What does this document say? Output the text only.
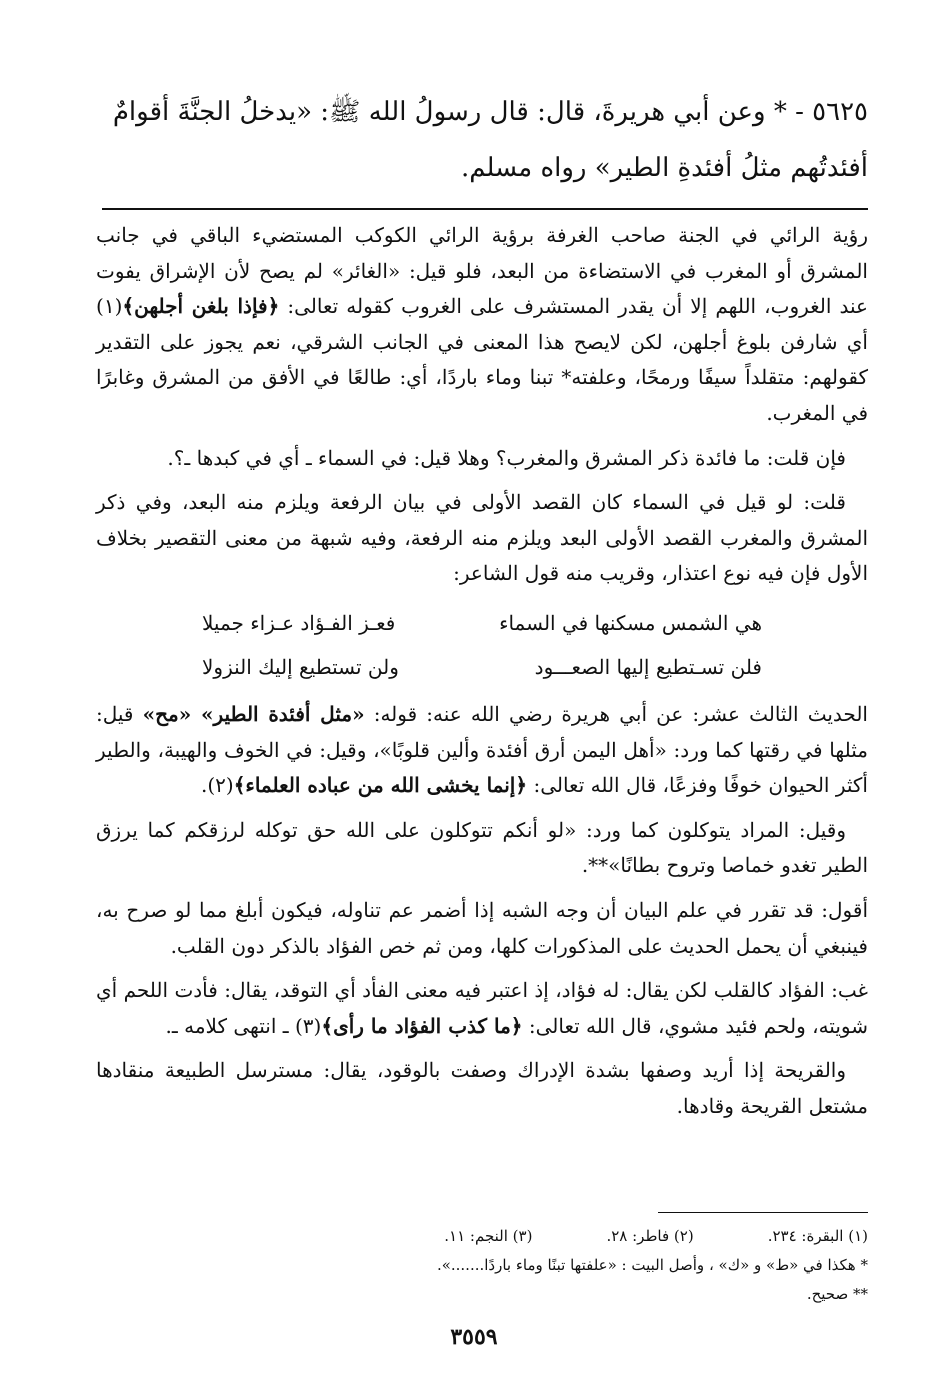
٥٦٢٥ - * وعن أبي هريرةَ، قال: قال رسولُ الله ﷺ: «يدخلُ الجنَّةَ أقوامٌ

أفئدتُهم مثلُ أفئدةِ الطير» رواه مسلم.

رؤية الرائي في الجنة صاحب الغرفة برؤية الرائي الكوكب المستضيء الباقي في جانب المشرق أو المغرب في الاستضاءة من البعد، فلو قيل: «الغائر» لم يصح لأن الإشراق يفوت عند الغروب، اللهم إلا أن يقدر المستشرف على الغروب كقوله تعالى: ﴿فإذا بلغن أجلهن﴾(١) أي شارفن بلوغ أجلهن، لكن لايصح هذا المعنى في الجانب الشرقي، نعم يجوز على التقدير كقولهم: متقلداً سيفًا ورمحًا، وعلفته* تبنا وماء باردًا، أي: طالعًا في الأفق من المشرق وغابرًا في المغرب.

فإن قلت: ما فائدة ذكر المشرق والمغرب؟ وهلا قيل: في السماء ـ أي في كبدها ـ؟.

قلت: لو قيل في السماء كان القصد الأولى في بيان الرفعة ويلزم منه البعد، وفي ذكر المشرق والمغرب القصد الأولى البعد ويلزم منه الرفعة، وفيه شبهة من معنى التقصير بخلاف الأول فإن فيه نوع اعتذار، وقريب منه قول الشاعر:

هي الشمس مسكنها في السماء
فعـز الفـؤاد عـزاء جميلا
فلن تسـتطيع إليها الصعـــود
ولن تستطيع إليك النزولا

الحديث الثالث عشر: عن أبي هريرة رضي الله عنه: قوله: «مثل أفئدة الطير» «مح» قيل: مثلها في رقتها كما ورد: «أهل اليمن أرق أفئدة وألين قلوبًا»، وقيل: في الخوف والهيبة، والطير أكثر الحيوان خوفًا وفزعًا، قال الله تعالى: ﴿إنما يخشى الله من عباده العلماء﴾(٢).

وقيل: المراد يتوكلون كما ورد: «لو أنكم تتوكلون على الله حق توكله لرزقكم كما يرزق الطير تغدو خماصا وتروح بطانًا»**.

أقول: قد تقرر في علم البيان أن وجه الشبه إذا أضمر عم تناوله، فيكون أبلغ مما لو صرح به، فينبغي أن يحمل الحديث على المذكورات كلها، ومن ثم خص الفؤاد بالذكر دون القلب.

غب: الفؤاد كالقلب لكن يقال: له فؤاد، إذ اعتبر فيه معنى الفأد أي التوقد، يقال: فأدت اللحم أي شويته، ولحم فئيد مشوي، قال الله تعالى: ﴿ما كذب الفؤاد ما رأى﴾(٣) ـ انتهى كلامه ـ.

والقريحة إذا أريد وصفها بشدة الإدراك وصفت بالوقود، يقال: مسترسل الطبيعة منقادها مشتعل القريحة وقادها.

(١) البقرة: ٢٣٤.
(٢) فاطر: ٢٨.
(٣) النجم: ١١.
* هكذا في «ط» و «ك» ، وأصل البيت : «علفتها تبنًا وماء باردًا.......».
** صحيح.
٣٥٥٩
